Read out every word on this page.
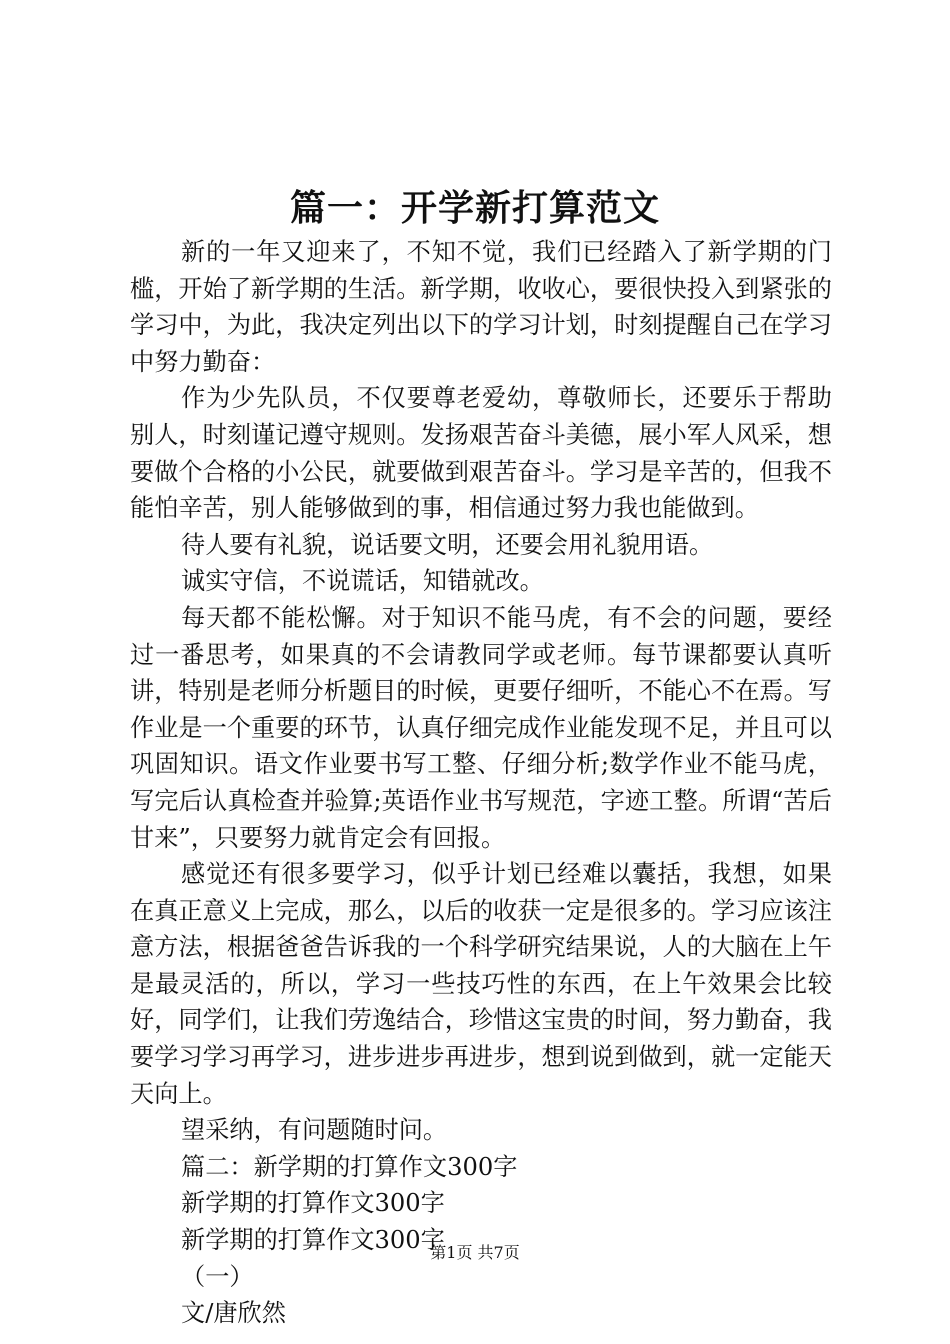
篇一：开学新打算范文

新的一年又迎来了，不知不觉，我们已经踏入了新学期的门槛，开始了新学期的生活。新学期，收收心，要很快投入到紧张的学习中，为此，我决定列出以下的学习计划，时刻提醒自己在学习中努力勤奋：

作为少先队员，不仅要尊老爱幼，尊敬师长，还要乐于帮助别人，时刻谨记遵守规则。发扬艰苦奋斗美德，展小军人风采，想要做个合格的小公民，就要做到艰苦奋斗。学习是辛苦的，但我不能怕辛苦，别人能够做到的事，相信通过努力我也能做到。

待人要有礼貌，说话要文明，还要会用礼貌用语。

诚实守信，不说谎话，知错就改。

每天都不能松懈。对于知识不能马虎，有不会的问题，要经过一番思考，如果真的不会请教同学或老师。每节课都要认真听讲，特别是老师分析题目的时候，更要仔细听，不能心不在焉。写作业是一个重要的环节，认真仔细完成作业能发现不足，并且可以巩固知识。语文作业要书写工整、仔细分析;数学作业不能马虎，写完后认真检查并验算;英语作业书写规范，字迹工整。所谓“苦后甘来”，只要努力就肯定会有回报。

感觉还有很多要学习，似乎计划已经难以囊括，我想，如果在真正意义上完成，那么，以后的收获一定是很多的。学习应该注意方法，根据爸爸告诉我的一个科学研究结果说，人的大脑在上午是最灵活的，所以，学习一些技巧性的东西，在上午效果会比较好，同学们，让我们劳逸结合，珍惜这宝贵的时间，努力勤奋，我要学习学习再学习，进步进步再进步，想到说到做到，就一定能天天向上。

望采纳，有问题随时问。

篇二：新学期的打算作文300字

新学期的打算作文300字

新学期的打算作文300字

（一）

文/唐欣然

第1页 共7页
